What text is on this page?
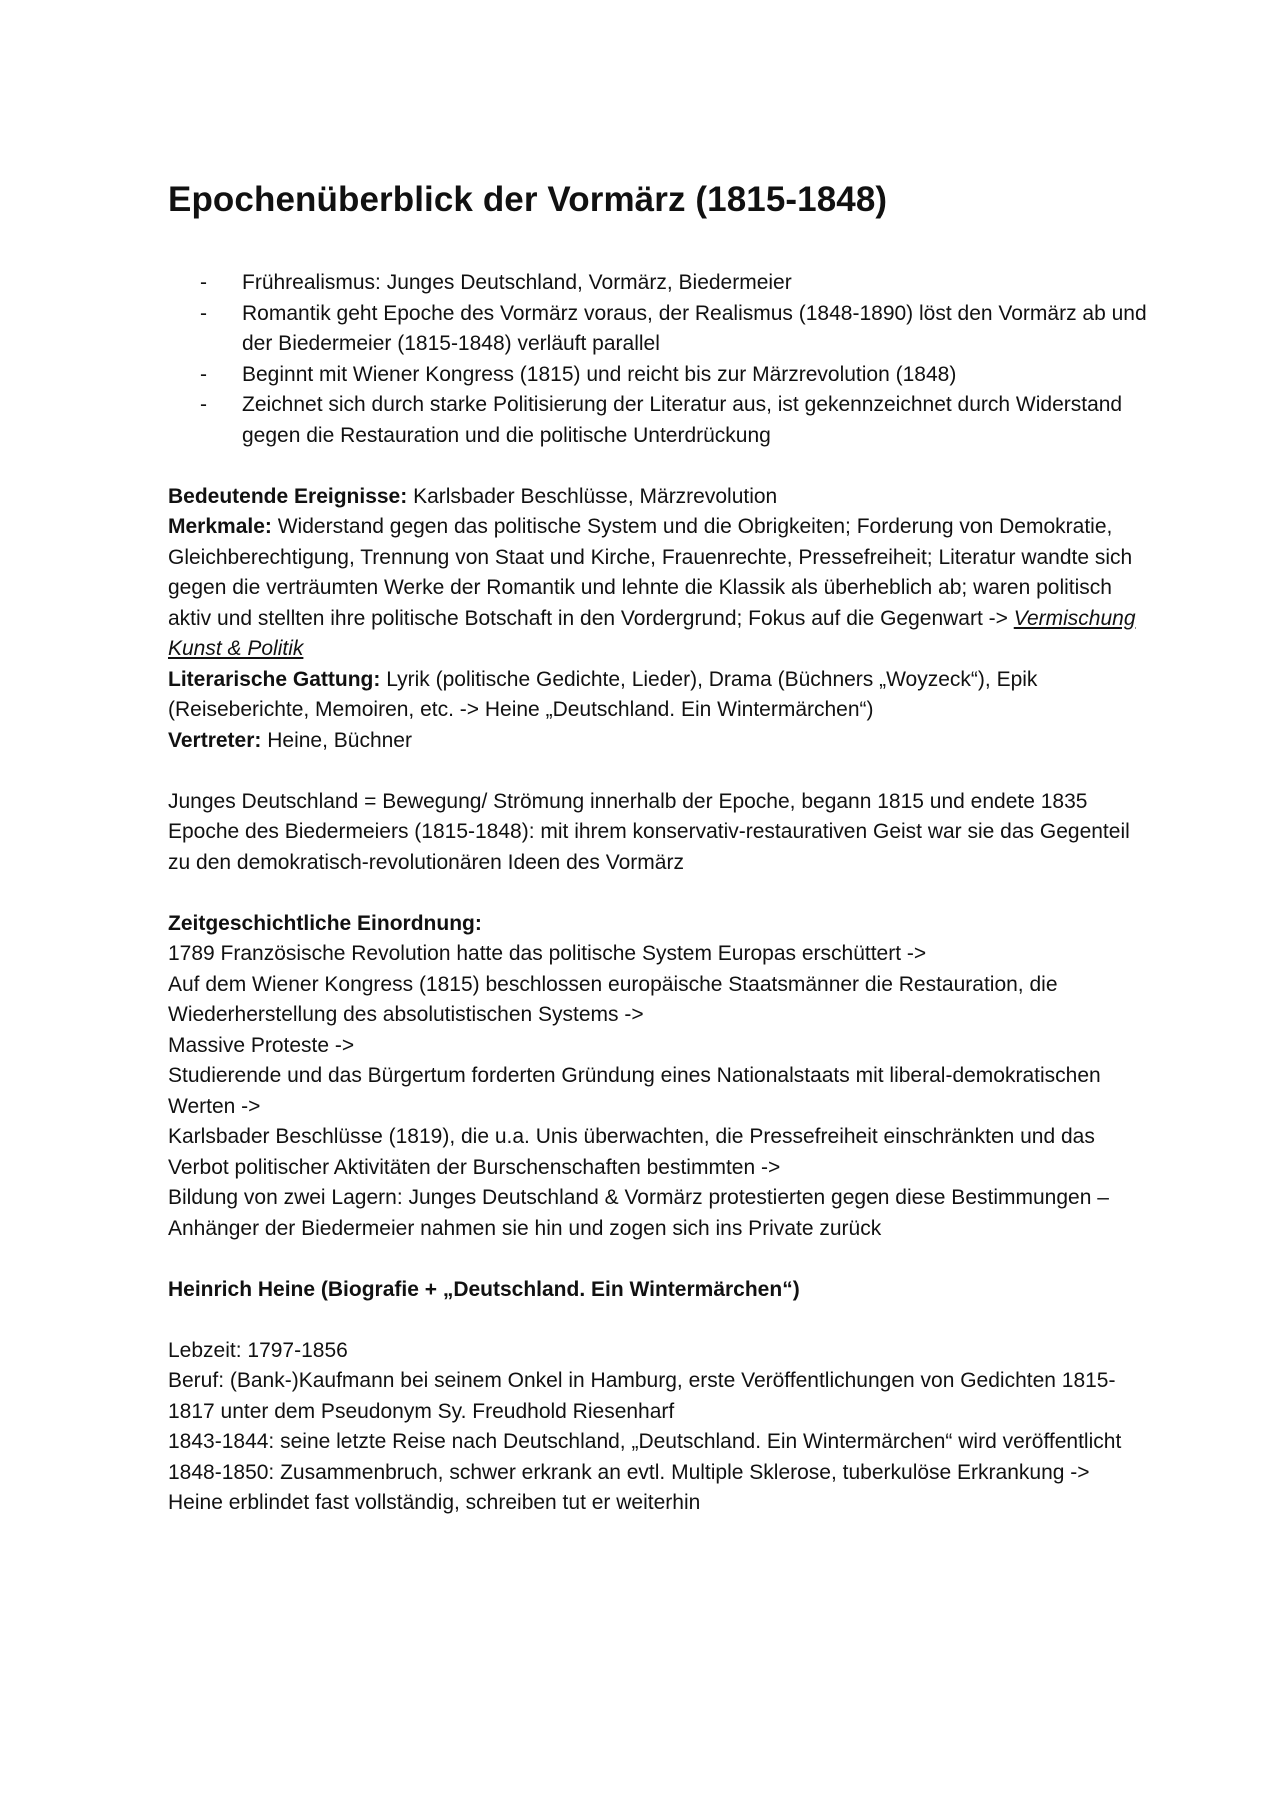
Epochenüberblick der Vormärz (1815-1848)
- Frührealismus: Junges Deutschland, Vormärz, Biedermeier
- Romantik geht Epoche des Vormärz voraus, der Realismus (1848-1890) löst den Vormärz ab und der Biedermeier (1815-1848) verläuft parallel
- Beginnt mit Wiener Kongress (1815) und reicht bis zur Märzrevolution (1848)
- Zeichnet sich durch starke Politisierung der Literatur aus, ist gekennzeichnet durch Widerstand gegen die Restauration und die politische Unterdrückung

Bedeutende Ereignisse: Karlsbader Beschlüsse, Märzrevolution

Merkmale: Widerstand gegen das politische System und die Obrigkeiten; Forderung von Demokratie, Gleichberechtigung, Trennung von Staat und Kirche, Frauenrechte, Pressefreiheit; Literatur wandte sich gegen die verträumten Werke der Romantik und lehnte die Klassik als überheblich ab; waren politisch aktiv und stellten ihre politische Botschaft in den Vordergrund; Fokus auf die Gegenwart -> Vermischung Kunst & Politik

Literarische Gattung: Lyrik (politische Gedichte, Lieder), Drama (Büchners „Woyzeck“), Epik (Reiseberichte, Memoiren, etc. -> Heine „Deutschland. Ein Wintermärchen“)

Vertreter: Heine, Büchner

Junges Deutschland = Bewegung/ Strömung innerhalb der Epoche, begann 1815 und endete 1835

Epoche des Biedermeiers (1815-1848): mit ihrem konservativ-restaurativen Geist war sie das Gegenteil zu den demokratisch-revolutionären Ideen des Vormärz

Zeitgeschichtliche Einordnung:

1789 Französische Revolution hatte das politische System Europas erschüttert ->

Auf dem Wiener Kongress (1815) beschlossen europäische Staatsmänner die Restauration, die Wiederherstellung des absolutistischen Systems ->

Massive Proteste ->

Studierende und das Bürgertum forderten Gründung eines Nationalstaats mit liberal-demokratischen Werten ->

Karlsbader Beschlüsse (1819), die u.a. Unis überwachten, die Pressefreiheit einschränkten und das Verbot politischer Aktivitäten der Burschenschaften bestimmten ->

Bildung von zwei Lagern: Junges Deutschland & Vormärz protestierten gegen diese Bestimmungen – Anhänger der Biedermeier nahmen sie hin und zogen sich ins Private zurück

Heinrich Heine (Biografie + „Deutschland. Ein Wintermärchen“)

Lebzeit: 1797-1856

Beruf: (Bank-)Kaufmann bei seinem Onkel in Hamburg, erste Veröffentlichungen von Gedichten 1815-1817 unter dem Pseudonym Sy. Freudhold Riesenharf

1843-1844: seine letzte Reise nach Deutschland, „Deutschland. Ein Wintermärchen“ wird veröffentlicht

1848-1850: Zusammenbruch, schwer erkrank an evtl. Multiple Sklerose, tuberkulöse Erkrankung -> Heine erblindet fast vollständig, schreiben tut er weiterhin
